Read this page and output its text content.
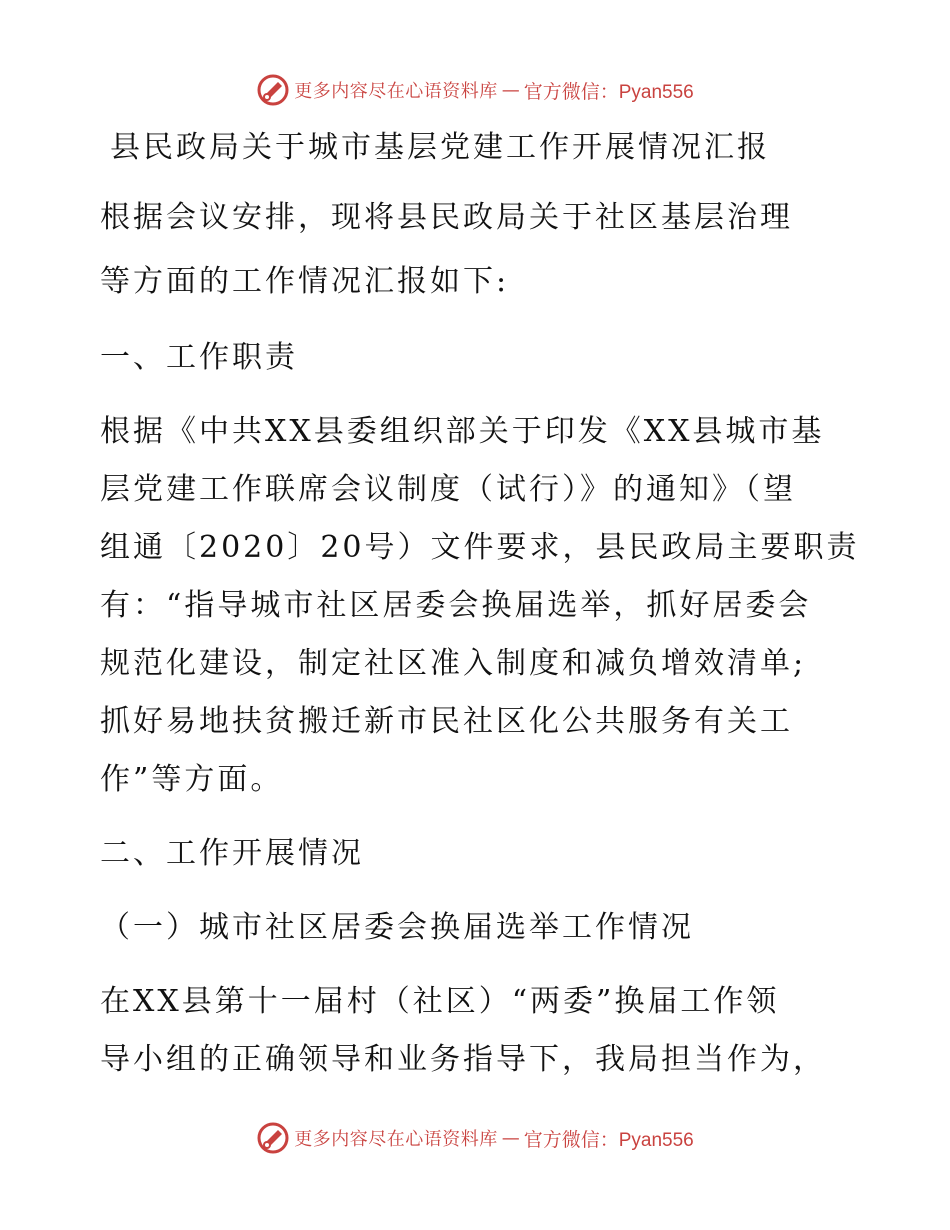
更多内容尽在心语资料库 — 官方微信：Pyan556
县民政局关于城市基层党建工作开展情况汇报
根据会议安排，现将县民政局关于社区基层治理
等方面的工作情况汇报如下:
一、工作职责
根据《中共XX县委组织部关于印发《XX县城市基
层党建工作联席会议制度（试行）》的通知》（望
组通〔2020〕20号）文件要求，县民政局主要职责
有：“指导城市社区居委会换届选举，抓好居委会
规范化建设，制定社区准入制度和减负增效清单;
抓好易地扶贫搬迁新市民社区化公共服务有关工
作”等方面。
二、工作开展情况
（一）城市社区居委会换届选举工作情况
在XX县第十一届村（社区）“两委”换届工作领
导小组的正确领导和业务指导下，我局担当作为，
更多内容尽在心语资料库 — 官方微信：Pyan556
